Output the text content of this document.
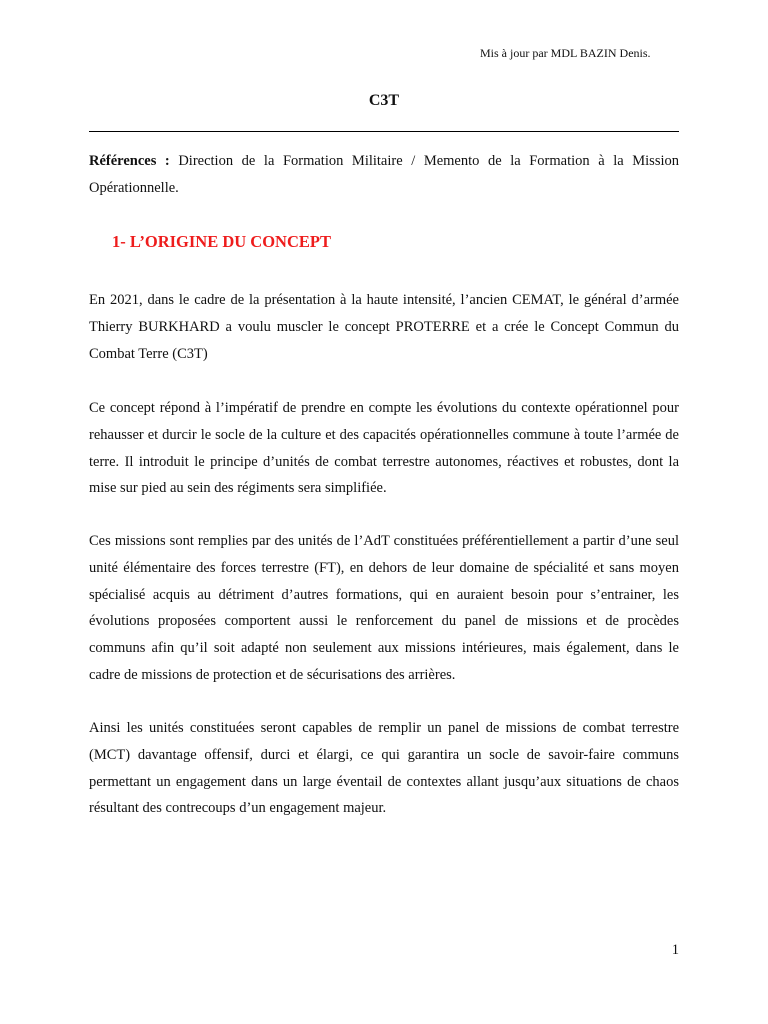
Mis à jour par MDL BAZIN Denis.
C3T
Références : Direction de la Formation Militaire / Memento de la Formation à la Mission Opérationnelle.
1- L’ORIGINE DU CONCEPT
En 2021, dans le cadre de la présentation à la haute intensité, l’ancien CEMAT, le général d’armée Thierry BURKHARD a voulu muscler le concept PROTERRE et a crée le Concept Commun du Combat Terre (C3T)
Ce concept répond à l’impératif de prendre en compte les évolutions du contexte opérationnel pour rehausser et durcir le socle de la culture et des capacités opérationnelles commune à toute l’armée de terre. Il introduit le principe d’unités de combat terrestre autonomes, réactives et robustes, dont la mise sur pied au sein des régiments sera simplifiée.
Ces missions sont remplies par des unités de l’AdT constituées préférentiellement a partir d’une seul unité élémentaire des forces terrestre (FT), en dehors de leur domaine de spécialité et sans moyen spécialisé acquis au détriment d’autres formations, qui en auraient besoin pour s’entrainer, les évolutions proposées comportent aussi le renforcement du panel de missions et de procèdes communs afin qu’il soit adapté non seulement aux missions intérieures, mais également, dans le cadre de missions de protection et de sécurisations des arrières.
Ainsi les unités constituées seront capables de remplir un panel de missions de combat terrestre (MCT) davantage offensif, durci et élargi, ce qui garantira un socle de savoir-faire communs permettant un engagement dans un large éventail de contextes allant jusqu’aux situations de chaos résultant des contrecoups d’un engagement majeur.
1
